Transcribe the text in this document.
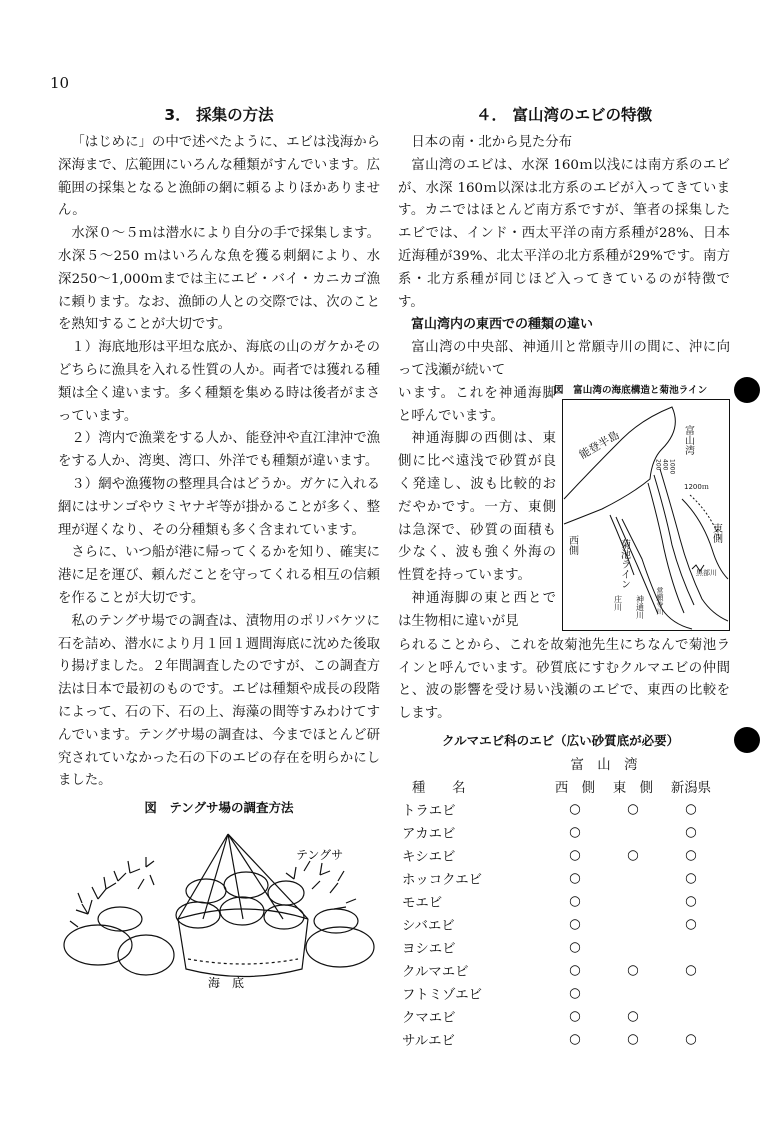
10
3． 採集の方法

「はじめに」の中で述べたように、エビは浅海から深海まで、広範囲にいろんな種類がすんでいます。広範囲の採集となると漁師の網に頼るよりほかありません。

水深０～５ｍは潜水により自分の手で採集します。水深５～250 ｍはいろんな魚を獲る刺網により、水深250～1,000ｍまでは主にエビ・バイ・カニカゴ漁に頼ります。なお、漁師の人との交際では、次のことを熟知することが大切です。

１）海底地形は平坦な底か、海底の山のガケかそのどちらに漁具を入れる性質の人か。両者では獲れる種類は全く違います。多く種類を集める時は後者がまさっています。

２）湾内で漁業をする人か、能登沖や直江津沖で漁をする人か、湾奥、湾口、外洋でも種類が違います。

３）網や漁獲物の整理具合はどうか。ガケに入れる網にはサンゴやウミヤナギ等が掛かることが多く、整理が遅くなり、その分種類も多く含まれています。

さらに、いつ船が港に帰ってくるかを知り、確実に港に足を運び、頼んだことを守ってくれる相互の信頼を作ることが大切です。

私のテングサ場での調査は、漬物用のポリバケツに石を詰め、潜水により月１回１週間海底に沈めた後取り揚げました。２年間調査したのですが、この調査方法は日本で最初のものです。エビは種類や成長の段階によって、石の下、石の上、海藻の間等すみわけてすんでいます。テングサ場の調査は、今までほとんど研究されていなかった石の下のエビの存在を明らかにしました。

図　テングサ場の調査方法
テングサ
海　底
４． 富山湾のエビの特徴
日本の南・北から見た分布

富山湾のエビは、水深 160ｍ以浅には南方系のエビが、水深 160ｍ以深は北方系のエビが入ってきています。カニではほとんど南方系ですが、筆者の採集したエビでは、インド・西太平洋の南方系種が28%、日本近海種が39%、北太平洋の北方系種が29%です。南方系・北方系種が同じほど入ってきているのが特徴です。

富山湾内の東西での種類の違い

富山湾の中央部、神通川と常願寺川の間に、沖に向って浅瀬が続いて

います。これを神通海脚と呼んでいます。

神通海脚の西側は、東側に比べ遠浅で砂質が良く発達し、波も比較的おだやかです。一方、東側は急深で、砂質の面積も少なく、波も強く外海の性質を持っています。

神通海脚の東と西とでは生物相に違いが見

図　富山湾の海底構造と菊池ライン
能登半島	富山湾
西側
東側
菊池ライン
1200ｍ
200 400 1000
庄川 神通川 常願寺川
黒部川

られることから、これを故菊池先生にちなんで菊池ラインと呼んでいます。砂質底にすむクルマエビの仲間と、波の影響を受け易い浅瀬のエビで、東西の比較をします。

クルマエビ科のエビ（広い砂質底が必要）
	富　山　湾		
種　　名	西　側	東　側	新潟県
トラエビ	○	○	○
アカエビ	○		○
キシエビ	○	○	○
ホッコクエビ	○		○
モエビ	○		○
シバエビ	○		○
ヨシエビ	○		
クルマエビ	○	○	○
フトミゾエビ	○		
クマエビ	○	○	
サルエビ	○	○	○
